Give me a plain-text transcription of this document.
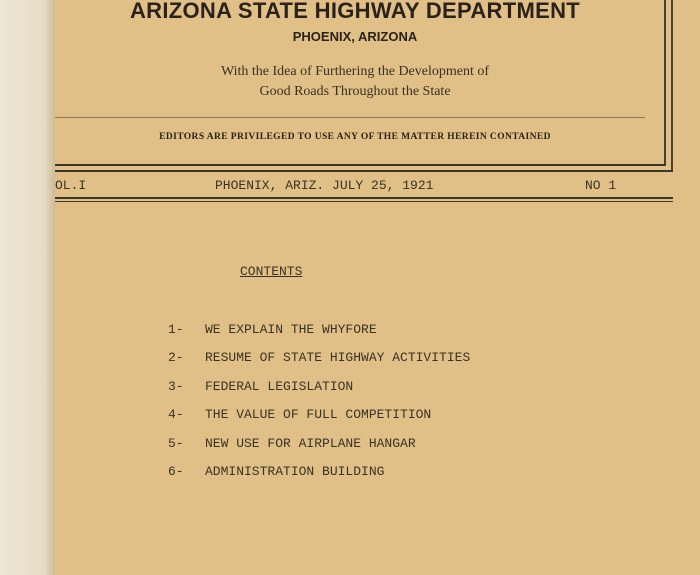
ARIZONA STATE HIGHWAY DEPARTMENT
PHOENIX, ARIZONA
With the Idea of Furthering the Development of
Good Roads Throughout the State
EDITORS ARE PRIVILEGED TO USE ANY OF THE MATTER HEREIN CONTAINED
OL.I	PHOENIX, ARIZ. JULY 25, 1921	NO 1
CONTENTS
1- WE EXPLAIN THE WHYFORE
2- RESUME OF STATE HIGHWAY ACTIVITIES
3- FEDERAL LEGISLATION
4- THE VALUE OF FULL COMPETITION
5- NEW USE FOR AIRPLANE HANGAR
6- ADMINISTRATION BUILDING
